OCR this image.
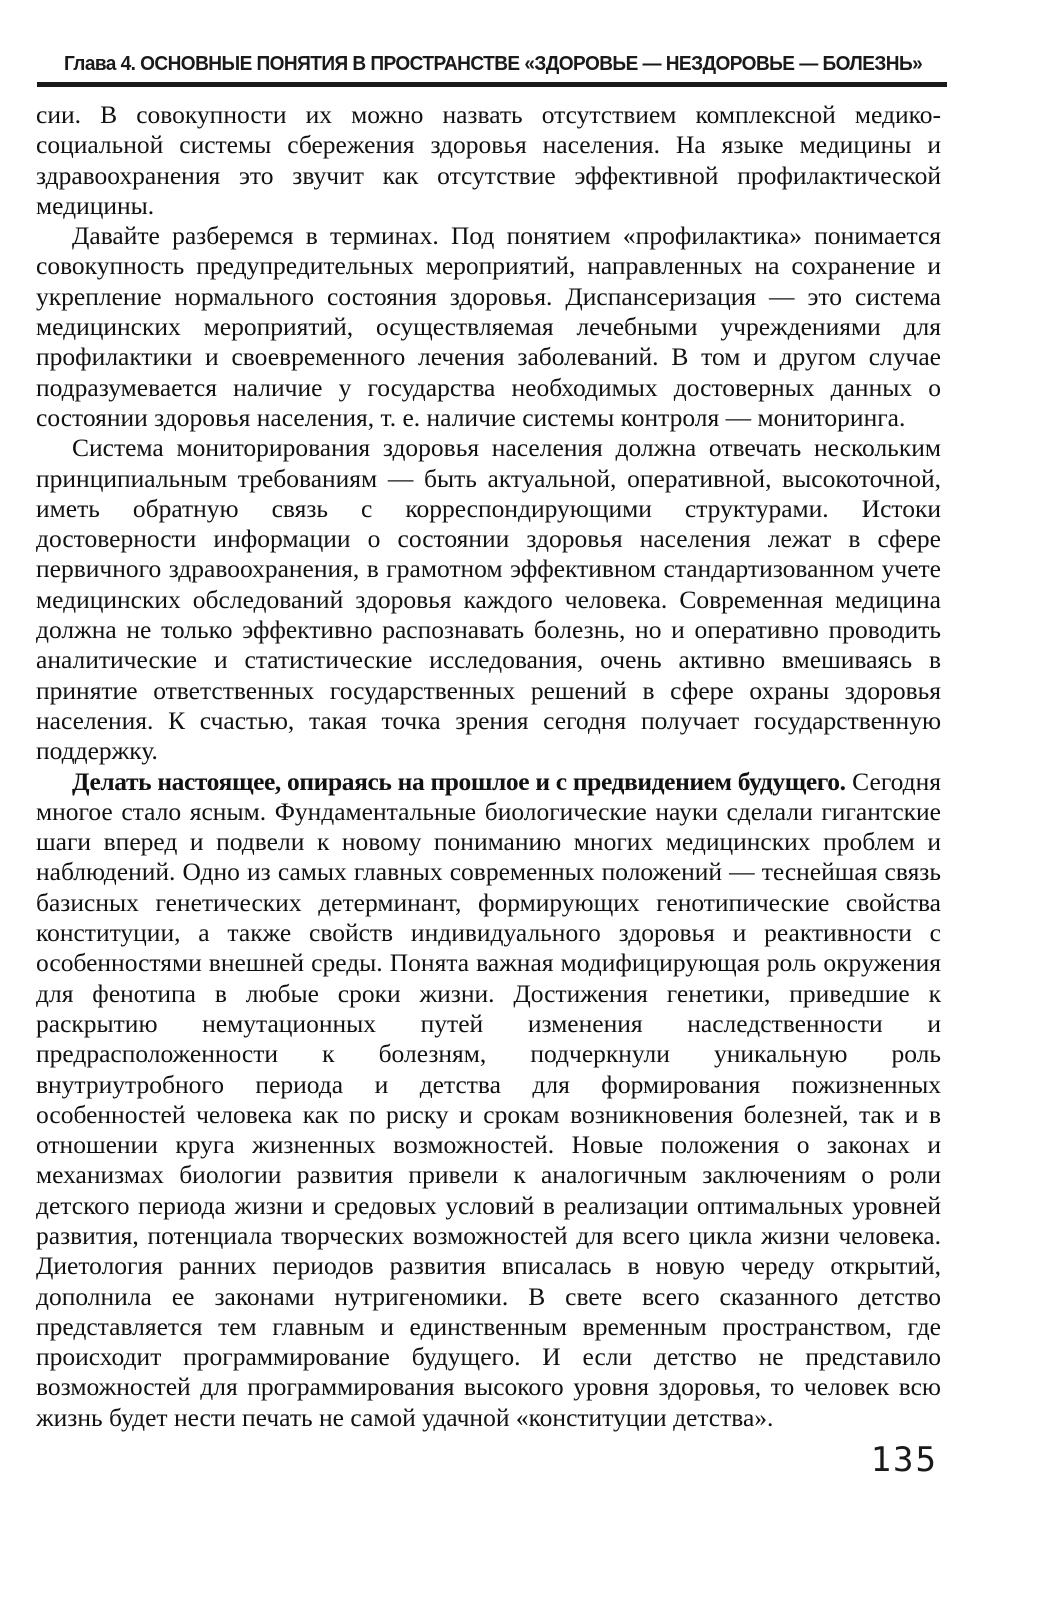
Глава 4. ОСНОВНЫЕ ПОНЯТИЯ В ПРОСТРАНСТВЕ «ЗДОРОВЬЕ — НЕЗДОРОВЬЕ — БОЛЕЗНЬ»

сии. В совокупности их можно назвать отсутствием комплексной медико-социальной системы сбережения здоровья населения. На языке медицины и здравоохранения это звучит как отсутствие эффективной профилактической медицины.

Давайте разберемся в терминах. Под понятием «профилактика» понимается совокупность предупредительных мероприятий, направленных на сохранение и укрепление нормального состояния здоровья. Диспансеризация — это система медицинских мероприятий, осуществляемая лечебными учреждениями для профилактики и своевременного лечения заболеваний. В том и другом случае подразумевается наличие у государства необходимых достоверных данных о состоянии здоровья населения, т. е. наличие системы контроля — мониторинга.

Система мониторирования здоровья населения должна отвечать нескольким принципиальным требованиям — быть актуальной, оперативной, высокоточной, иметь обратную связь с корреспондирующими структурами. Истоки достоверности информации о состоянии здоровья населения лежат в сфере первичного здравоохранения, в грамотном эффективном стандартизованном учете медицинских обследований здоровья каждого человека. Современная медицина должна не только эффективно распознавать болезнь, но и оперативно проводить аналитические и статистические исследования, очень активно вмешиваясь в принятие ответственных государственных решений в сфере охраны здоровья населения. К счастью, такая точка зрения сегодня получает государственную поддержку.

Делать настоящее, опираясь на прошлое и с предвидением будущего. Сегодня многое стало ясным. Фундаментальные биологические науки сделали гигантские шаги вперед и подвели к новому пониманию многих медицинских проблем и наблюдений. Одно из самых главных современных положений — теснейшая связь базисных генетических детерминант, формирующих генотипические свойства конституции, а также свойств индивидуального здоровья и реактивности с особенностями внешней среды. Понята важная модифицирующая роль окружения для фенотипа в любые сроки жизни. Достижения генетики, приведшие к раскрытию немутационных путей изменения наследственности и предрасположенности к болезням, подчеркнули уникальную роль внутриутробного периода и детства для формирования пожизненных особенностей человека как по риску и срокам возникновения болезней, так и в отношении круга жизненных возможностей. Новые положения о законах и механизмах биологии развития привели к аналогичным заключениям о роли детского периода жизни и средовых условий в реализации оптимальных уровней развития, потенциала творческих возможностей для всего цикла жизни человека. Диетология ранних периодов развития вписалась в новую череду открытий, дополнила ее законами нутригеномики. В свете всего сказанного детство представляется тем главным и единственным временным пространством, где происходит программирование будущего. И если детство не представило возможностей для программирования высокого уровня здоровья, то человек всю жизнь будет нести печать не самой удачной «конституции детства».

135
